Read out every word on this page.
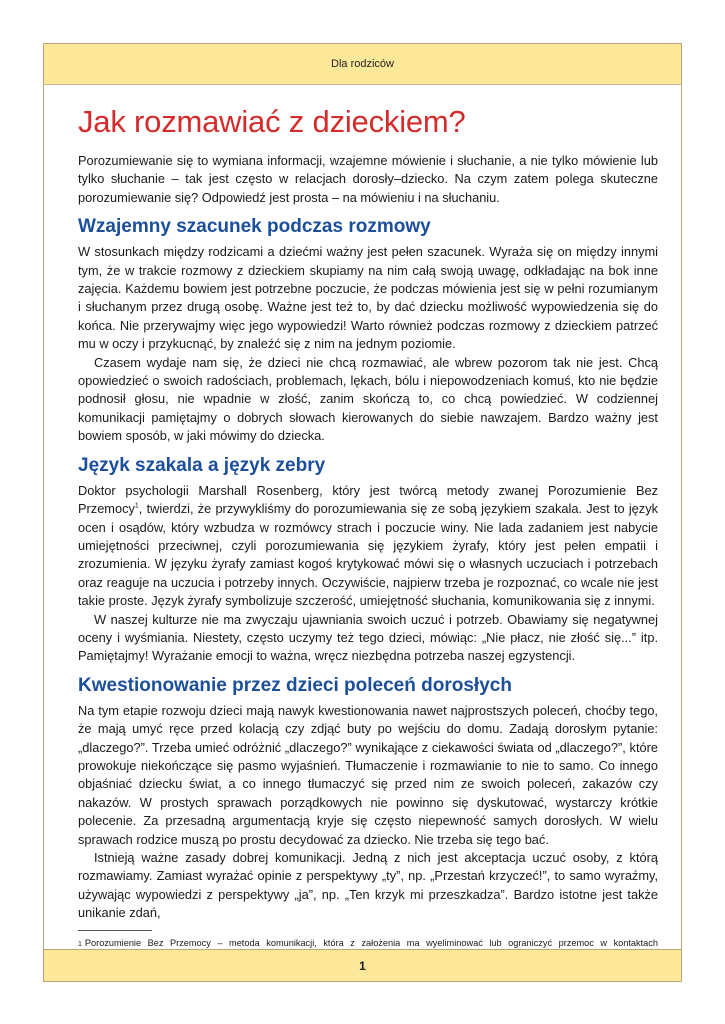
Dla rodziców
Jak rozmawiać z dzieckiem?

Porozumiewanie się to wymiana informacji, wzajemne mówienie i słuchanie, a nie tylko mówienie lub tylko słuchanie – tak jest często w relacjach dorosły–dziecko. Na czym zatem polega skuteczne porozumiewanie się? Odpowiedź jest prosta – na mówieniu i na słuchaniu.

Wzajemny szacunek podczas rozmowy

W stosunkach między rodzicami a dziećmi ważny jest pełen szacunek. Wyraża się on między innymi tym, że w trakcie rozmowy z dzieckiem skupiamy na nim całą swoją uwagę, odkładając na bok inne zajęcia. Każdemu bowiem jest potrzebne poczucie, że podczas mówienia jest się w pełni rozumianym i słuchanym przez drugą osobę. Ważne jest też to, by dać dziecku możliwość wypowiedzenia się do końca. Nie przerywajmy więc jego wypowiedzi! Warto również podczas rozmowy z dzieckiem patrzeć mu w oczy i przykucnąć, by znaleźć się z nim na jednym poziomie.

Czasem wydaje nam się, że dzieci nie chcą rozmawiać, ale wbrew pozorom tak nie jest. Chcą opowiedzieć o swoich radościach, problemach, lękach, bólu i niepowodzeniach komuś, kto nie będzie podnosił głosu, nie wpadnie w złość, zanim skończą to, co chcą powiedzieć. W codziennej komunikacji pamiętajmy o dobrych słowach kierowanych do siebie nawzajem. Bardzo ważny jest bowiem sposób, w jaki mówimy do dziecka.

Język szakala a język zebry

Doktor psychologii Marshall Rosenberg, który jest twórcą metody zwanej Porozumienie Bez Przemocy$^1$, twierdzi, że przywykliśmy do porozumiewania się ze sobą językiem szakala. Jest to język ocen i osądów, który wzbudza w rozmówcy strach i poczucie winy. Nie lada zadaniem jest nabycie umiejętności przeciwnej, czyli porozumiewania się językiem żyrafy, który jest pełen empatii i zrozumienia. W języku żyrafy zamiast kogoś krytykować mówi się o własnych uczuciach i potrzebach oraz reaguje na uczucia i potrzeby innych. Oczywiście, najpierw trzeba je rozpoznać, co wcale nie jest takie proste. Język żyrafy symbolizuje szczerość, umiejętność słuchania, komunikowania się z innymi.

W naszej kulturze nie ma zwyczaju ujawniania swoich uczuć i potrzeb. Obawiamy się negatywnej oceny i wyśmiania. Niestety, często uczymy też tego dzieci, mówiąc: „Nie płacz, nie złość się...” itp. Pamiętajmy! Wyrażanie emocji to ważna, wręcz niezbędna potrzeba naszej egzystencji.

Kwestionowanie przez dzieci poleceń dorosłych

Na tym etapie rozwoju dzieci mają nawyk kwestionowania nawet najprostszych poleceń, choćby tego, że mają umyć ręce przed kolacją czy zdjąć buty po wejściu do domu. Zadają dorosłym pytanie: „dlaczego?”. Trzeba umieć odróżnić „dlaczego?” wynikające z ciekawości świata od „dlaczego?”, które prowokuje niekończące się pasmo wyjaśnień. Tłumaczenie i rozmawianie to nie to samo. Co innego objaśniać dziecku świat, a co innego tłumaczyć się przed nim ze swoich poleceń, zakazów czy nakazów. W prostych sprawach porządkowych nie powinno się dyskutować, wystarczy krótkie polecenie. Za przesadną argumentacją kryje się często niepewność samych dorosłych. W wielu sprawach rodzice muszą po prostu decydować za dziecko. Nie trzeba się tego bać.

Istnieją ważne zasady dobrej komunikacji. Jedną z nich jest akceptacja uczuć osoby, z którą rozmawiamy. Zamiast wyrażać opinie z perspektywy „ty”, np. „Przestań krzyczeć!”, to samo wyraźmy, używając wypowiedzi z perspektywy „ja”, np. „Ten krzyk mi przeszkadza”. Bardzo istotne jest także unikanie zdań,

1 Porozumienie Bez Przemocy – metoda komunikacji, która z założenia ma wyeliminować lub ograniczyć przemoc w kontaktach
1
